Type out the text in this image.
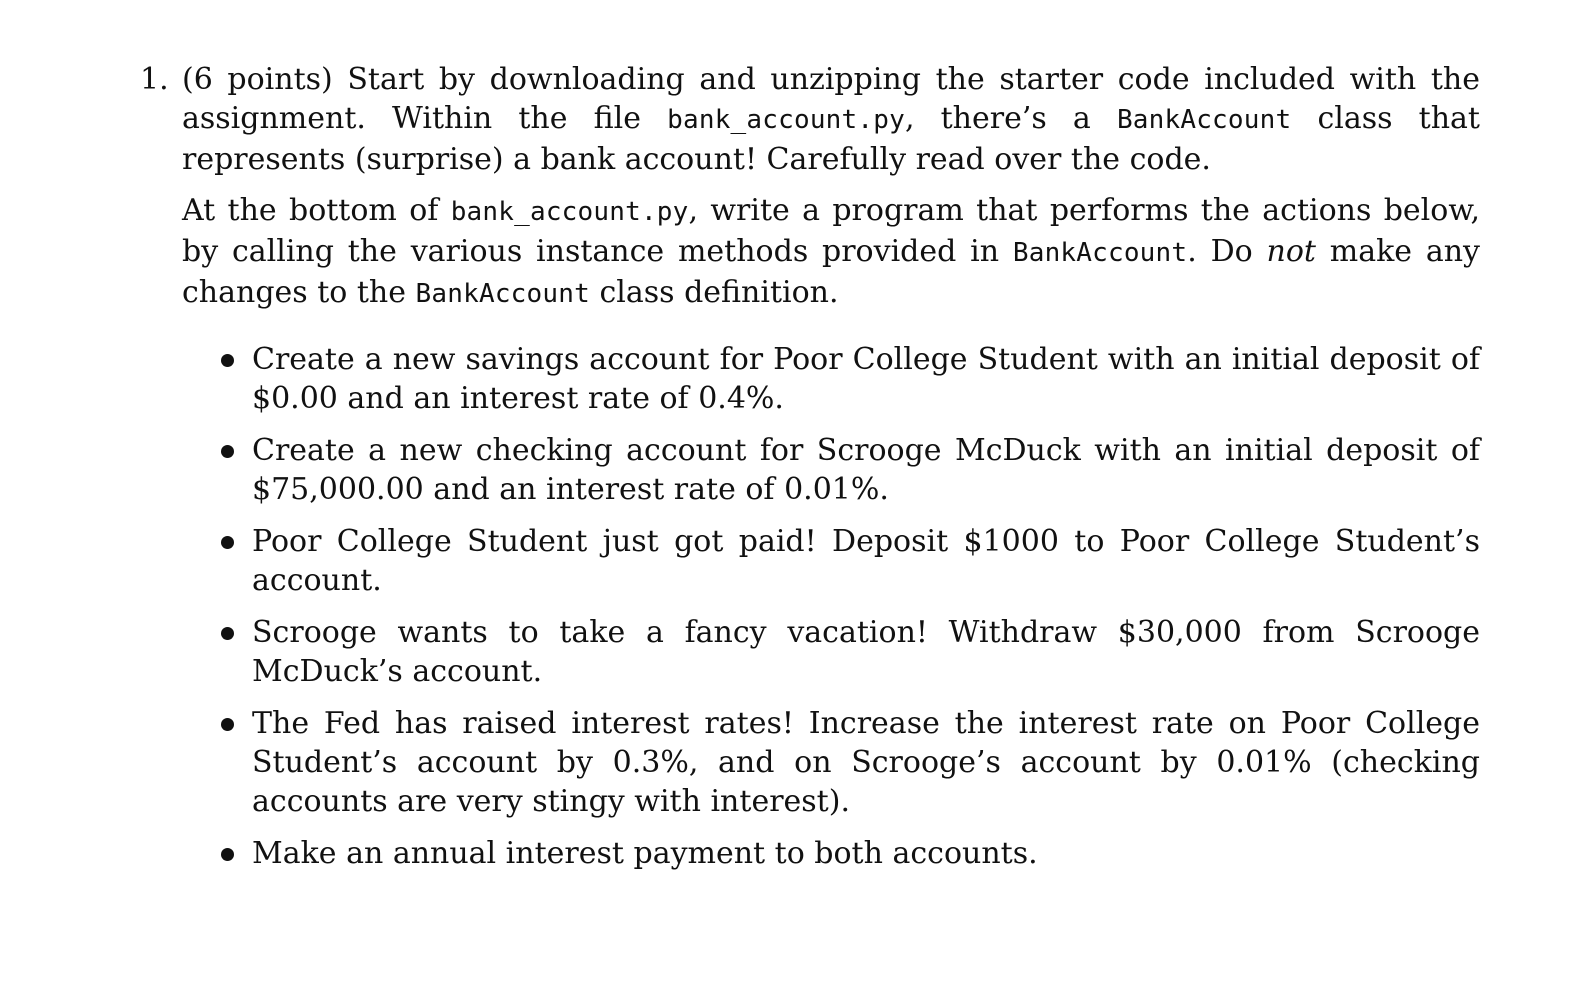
1. (6 points) Start by downloading and unzipping the starter code included with the assignment. Within the file bank_account.py, there’s a BankAccount class that represents (surprise) a bank account! Carefully read over the code.

At the bottom of bank_account.py, write a program that performs the actions below, by calling the various instance methods provided in BankAccount. Do not make any changes to the BankAccount class definition.

Create a new savings account for Poor College Student with an initial deposit of $0.00 and an interest rate of 0.4%.
Create a new checking account for Scrooge McDuck with an initial deposit of $75,000.00 and an interest rate of 0.01%.
Poor College Student just got paid! Deposit $1000 to Poor College Student’s account.
Scrooge wants to take a fancy vacation! Withdraw $30,000 from Scrooge McDuck’s account.
The Fed has raised interest rates! Increase the interest rate on Poor College Student’s account by 0.3%, and on Scrooge’s account by 0.01% (checking accounts are very stingy with interest).
Make an annual interest payment to both accounts.
